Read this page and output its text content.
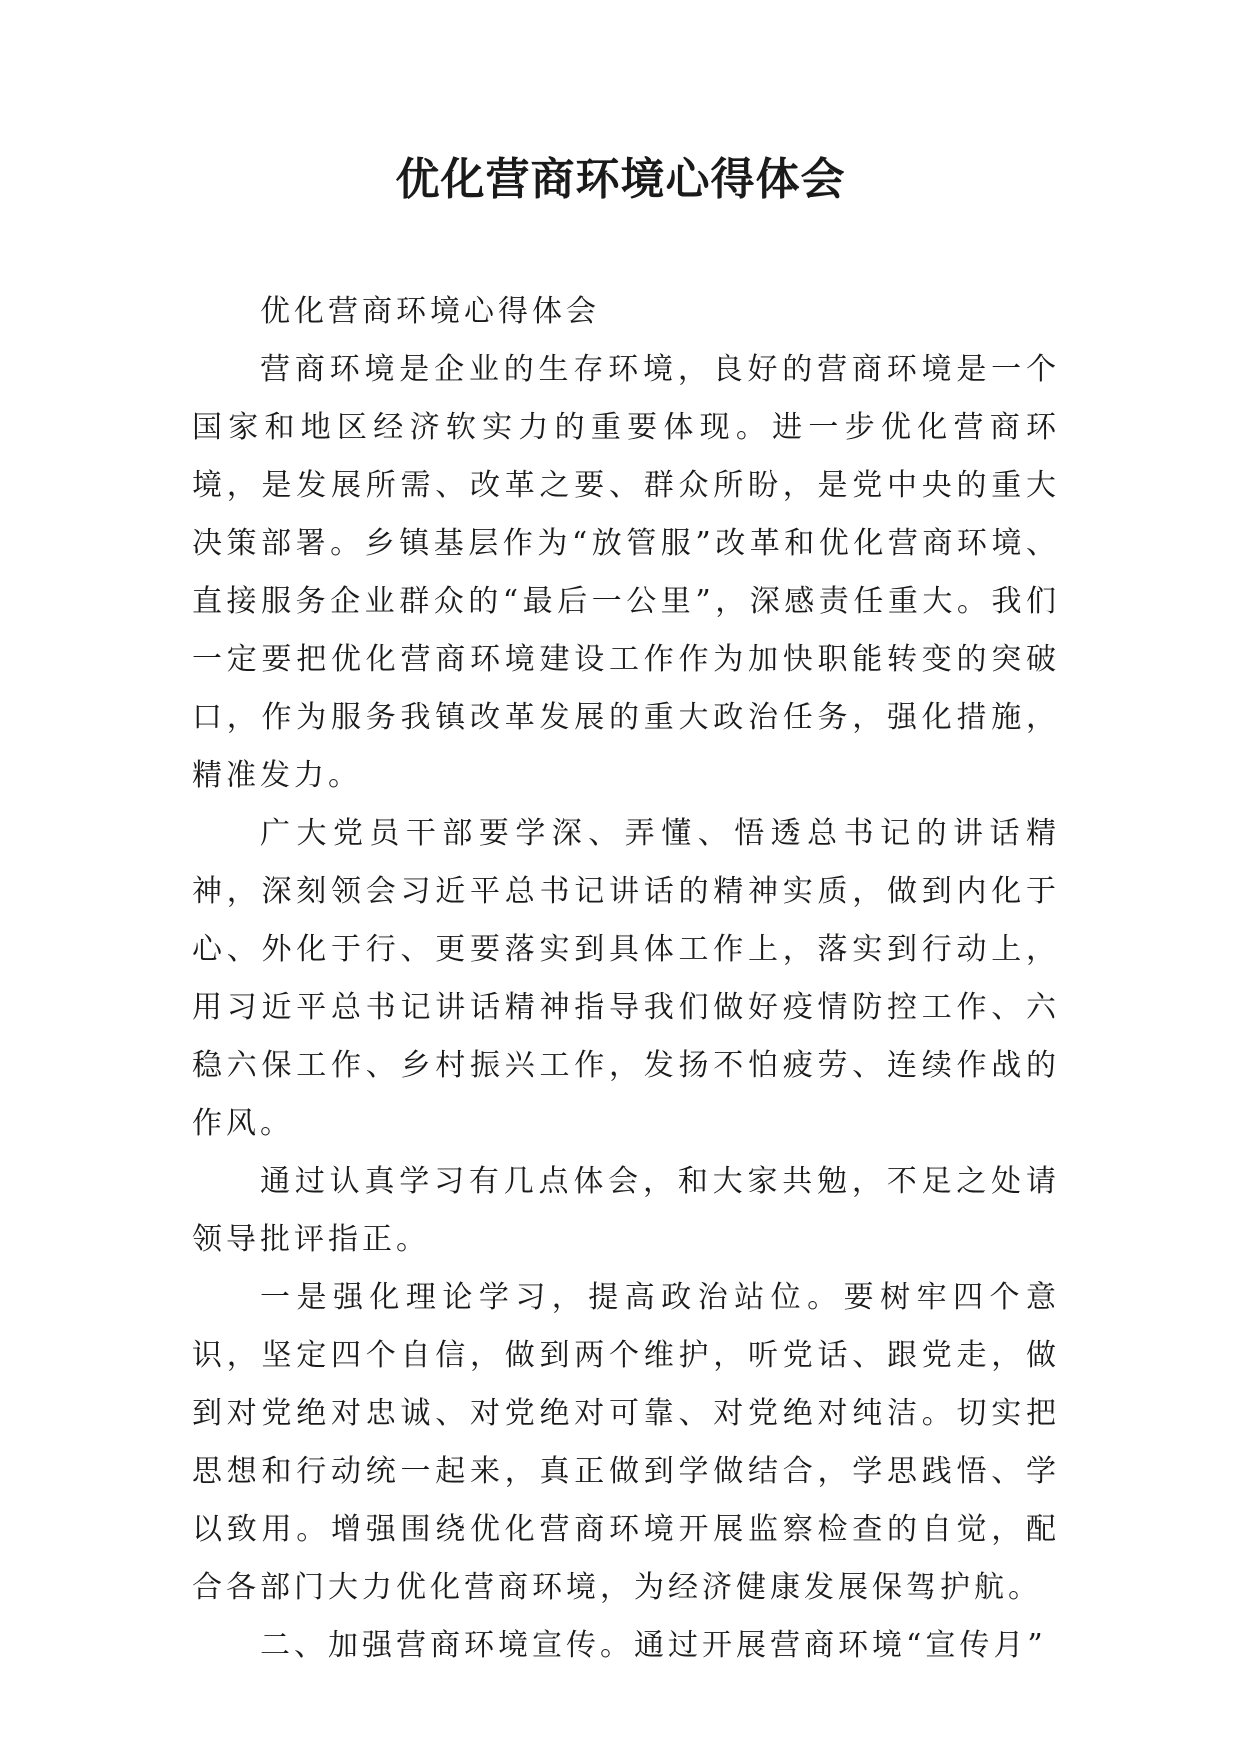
优化营商环境心得体会

优化营商环境心得体会

营商环境是企业的生存环境，良好的营商环境是一个国家和地区经济软实力的重要体现。进一步优化营商环境，是发展所需、改革之要、群众所盼，是党中央的重大决策部署。乡镇基层作为“放管服”改革和优化营商环境、直接服务企业群众的“最后一公里”，深感责任重大。我们一定要把优化营商环境建设工作作为加快职能转变的突破口，作为服务我镇改革发展的重大政治任务，强化措施，精准发力。

广大党员干部要学深、弄懂、悟透总书记的讲话精神，深刻领会习近平总书记讲话的精神实质，做到内化于心、外化于行、更要落实到具体工作上，落实到行动上，用习近平总书记讲话精神指导我们做好疫情防控工作、六稳六保工作、乡村振兴工作，发扬不怕疲劳、连续作战的作风。

通过认真学习有几点体会，和大家共勉，不足之处请领导批评指正。

一是强化理论学习，提高政治站位。要树牢四个意识，坚定四个自信，做到两个维护，听党话、跟党走，做到对党绝对忠诚、对党绝对可靠、对党绝对纯洁。切实把思想和行动统一起来，真正做到学做结合，学思践悟、学以致用。增强围绕优化营商环境开展监察检查的自觉，配合各部门大力优化营商环境，为经济健康发展保驾护航。

二、加强营商环境宣传。通过开展营商环境“宣传月”
